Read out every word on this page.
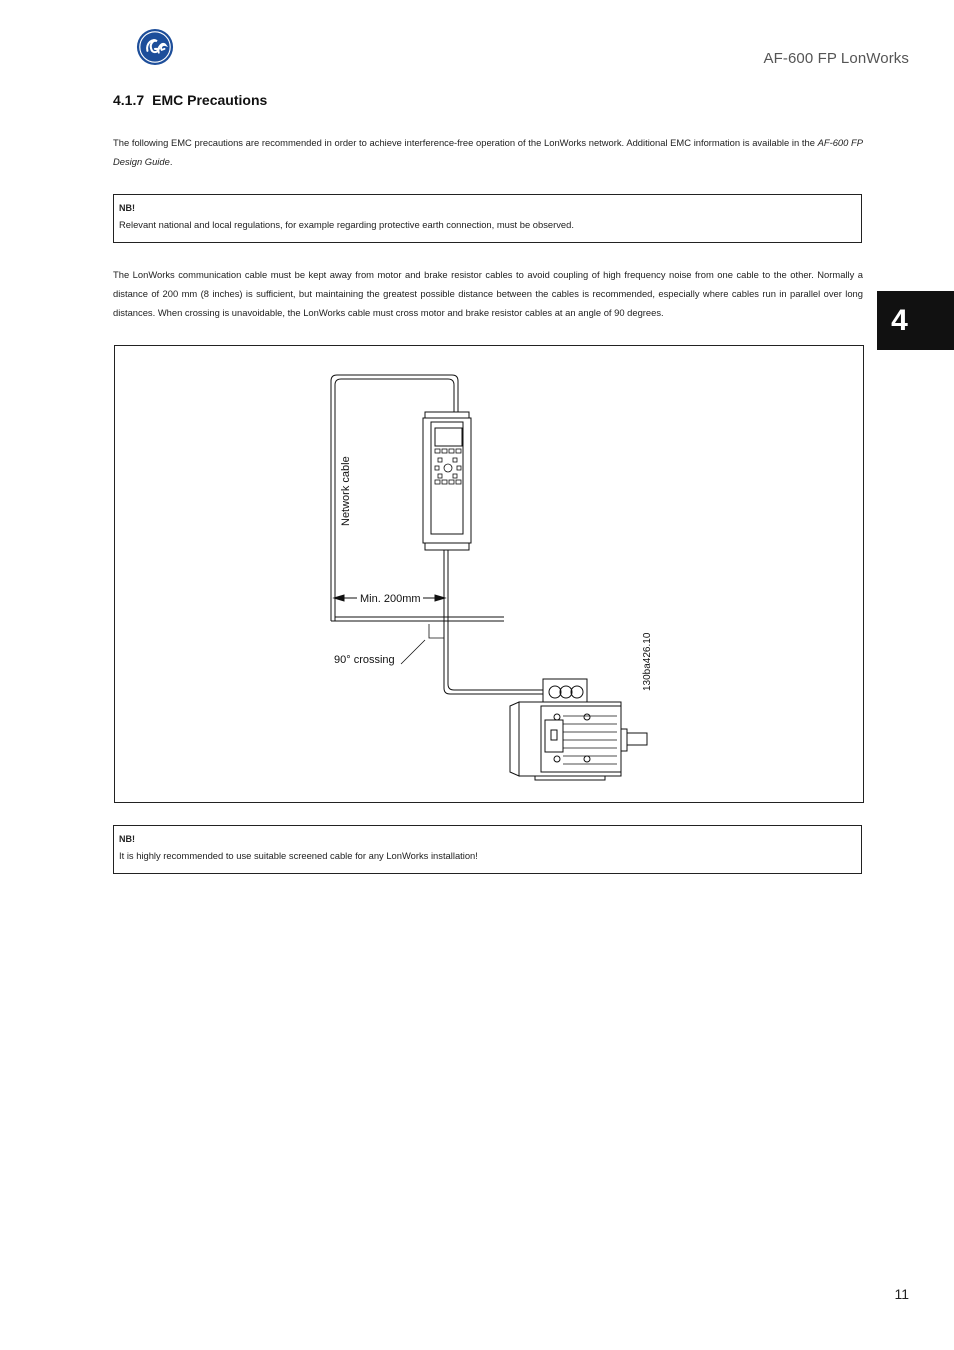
AF-600 FP LonWorks
4.1.7 EMC Precautions

The following EMC precautions are recommended in order to achieve interference-free operation of the LonWorks network. Additional EMC information is available in the AF-600 FP Design Guide.

NB!
Relevant national and local regulations, for example regarding protective earth connection, must be observed.

The LonWorks communication cable must be kept away from motor and brake resistor cables to avoid coupling of high frequency noise from one cable to the other. Normally a distance of 200 mm (8 inches) is sufficient, but maintaining the greatest possible distance between the cables is recommended, especially where cables run in parallel over long distances. When crossing is unavoidable, the LonWorks cable must cross motor and brake resistor cables at an angle of 90 degrees.

Network cable
Min. 200mm
90° crossing	130ba426.10
NB!
It is highly recommended to use suitable screened cable for any LonWorks installation!
4
11
